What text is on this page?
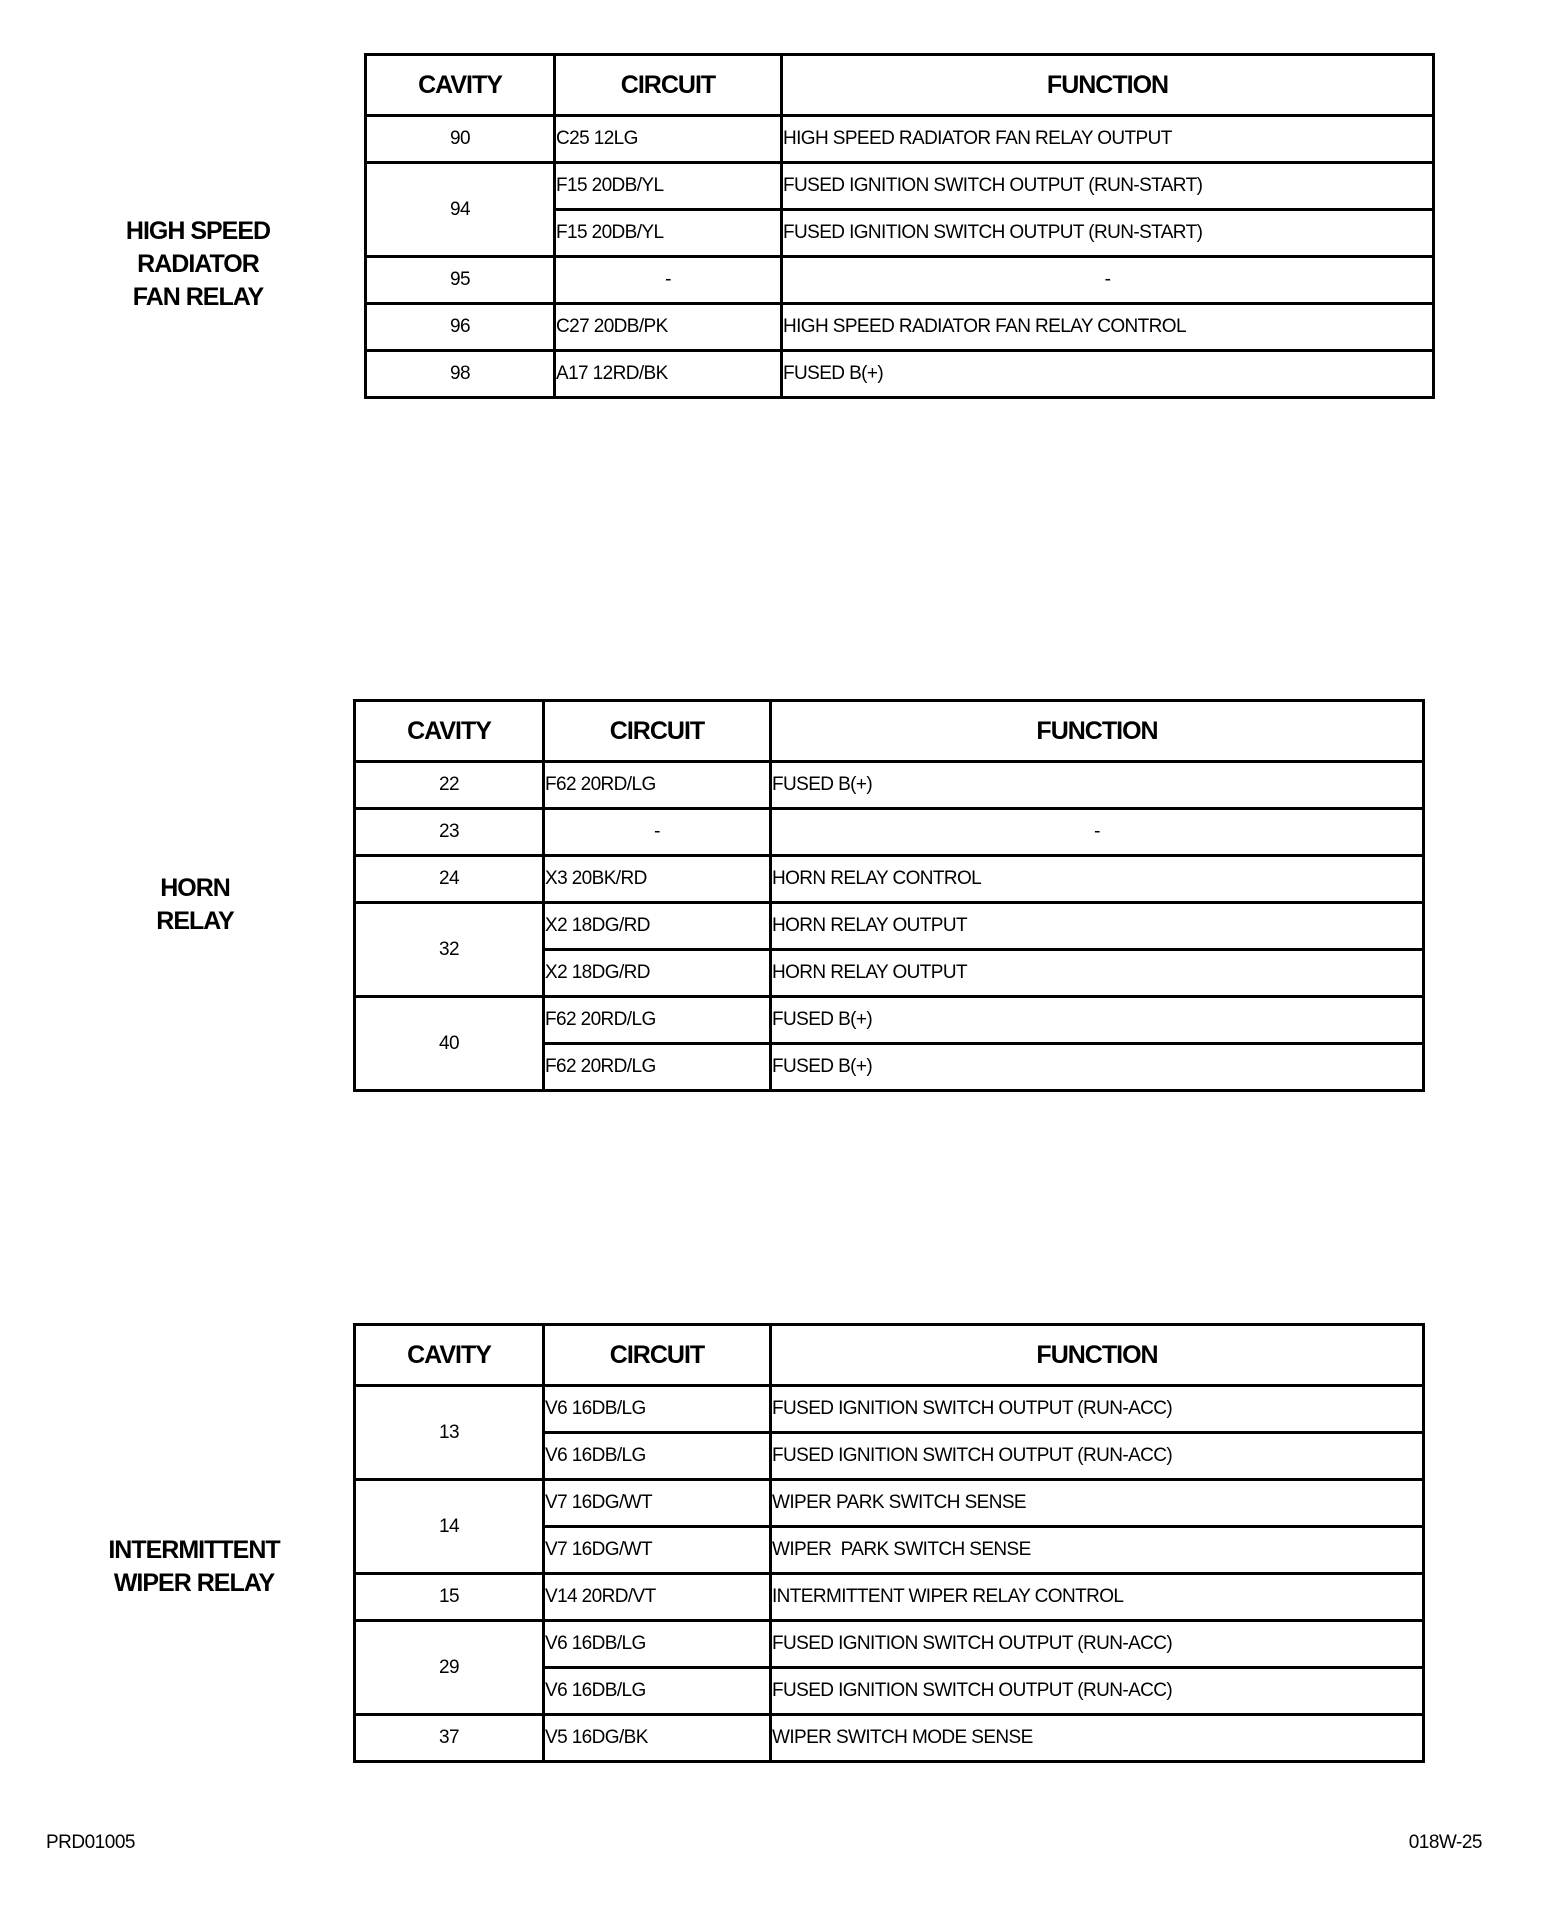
HIGH SPEED
RADIATOR
FAN RELAY
CAVITY	CIRCUIT	FUNCTION
90	C25 12LG	HIGH SPEED RADIATOR FAN RELAY OUTPUT
94	F15 20DB/YL	FUSED IGNITION SWITCH OUTPUT (RUN-START)
	F15 20DB/YL	FUSED IGNITION SWITCH OUTPUT (RUN-START)
95	-	-
96	C27 20DB/PK	HIGH SPEED RADIATOR FAN RELAY CONTROL
98	A17 12RD/BK	FUSED B(+)
HORN
RELAY
CAVITY	CIRCUIT	FUNCTION
22	F62 20RD/LG	FUSED B(+)
23	-	-
24	X3 20BK/RD	HORN RELAY CONTROL
32	X2 18DG/RD	HORN RELAY OUTPUT
	X2 18DG/RD	HORN RELAY OUTPUT
40	F62 20RD/LG	FUSED B(+)
	F62 20RD/LG	FUSED B(+)
INTERMITTENT
WIPER RELAY
CAVITY	CIRCUIT	FUNCTION
13	V6 16DB/LG	FUSED IGNITION SWITCH OUTPUT (RUN-ACC)
	V6 16DB/LG	FUSED IGNITION SWITCH OUTPUT (RUN-ACC)
14	V7 16DG/WT	WIPER PARK SWITCH SENSE
	V7 16DG/WT	WIPER  PARK SWITCH SENSE
15	V14 20RD/VT	INTERMITTENT WIPER RELAY CONTROL
29	V6 16DB/LG	FUSED IGNITION SWITCH OUTPUT (RUN-ACC)
	V6 16DB/LG	FUSED IGNITION SWITCH OUTPUT (RUN-ACC)
37	V5 16DG/BK	WIPER SWITCH MODE SENSE
PRD01005	018W-25
